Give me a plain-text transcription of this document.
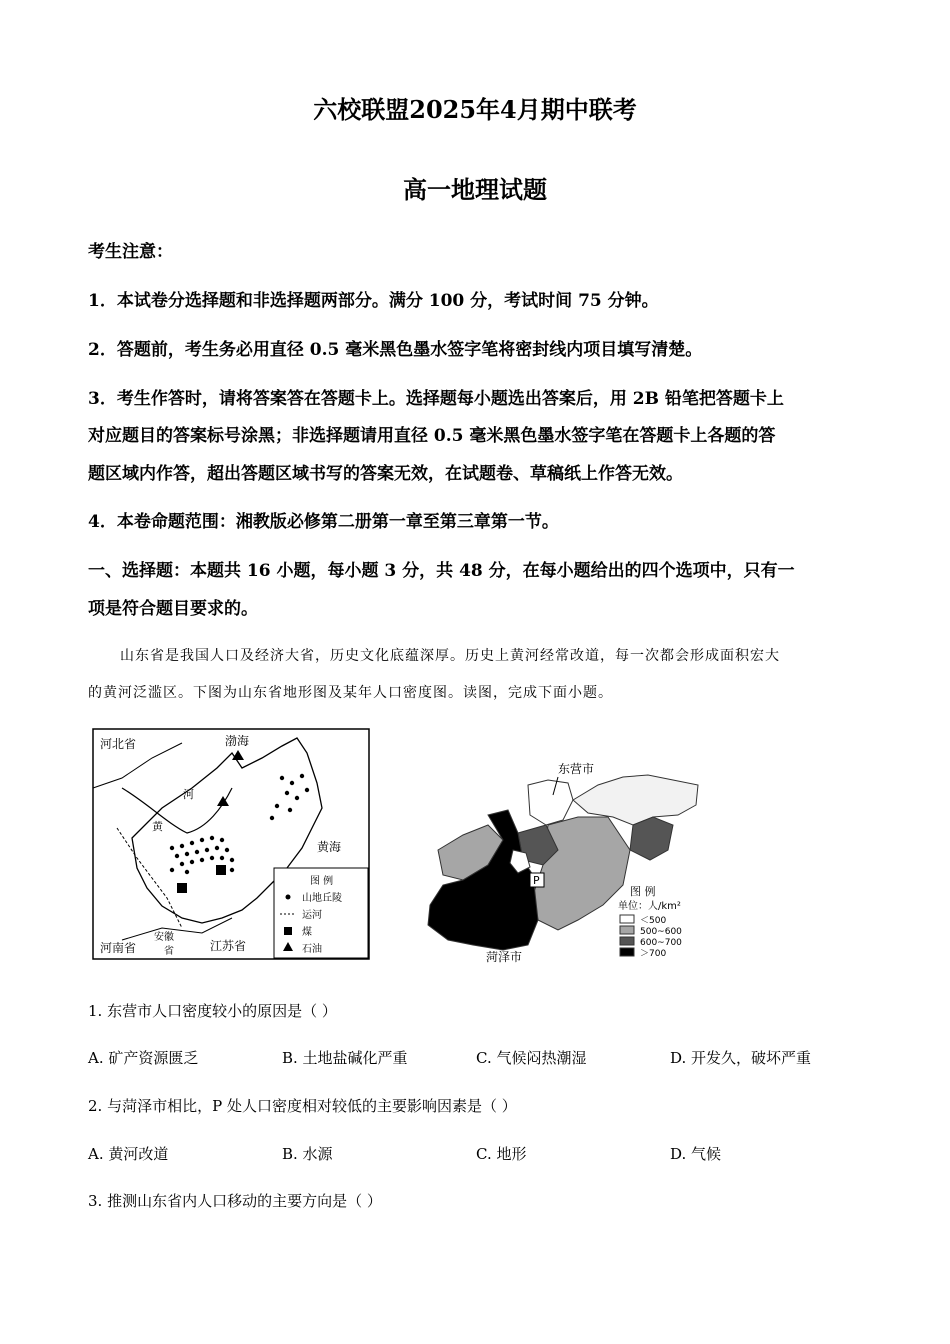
六校联盟2025年4月期中联考
高一地理试题
考生注意：
1．本试卷分选择题和非选择题两部分。满分 100 分，考试时间 75 分钟。
2．答题前，考生务必用直径 0.5 毫米黑色墨水签字笔将密封线内项目填写清楚。
3．考生作答时，请将答案答在答题卡上。选择题每小题选出答案后，用 2B 铅笔把答题卡上
对应题目的答案标号涂黑；非选择题请用直径 0.5 毫米黑色墨水签字笔在答题卡上各题的答
题区域内作答，超出答题区域书写的答案无效，在试题卷、草稿纸上作答无效。
4．本卷命题范围：湘教版必修第二册第一章至第三章第一节。
一、选择题：本题共 16 小题，每小题 3 分，共 48 分，在每小题给出的四个选项中，只有一
项是符合题目要求的。
山东省是我国人口及经济大省，历史文化底蕴深厚。历史上黄河经常改道，每一次都会形成面积宏大
的黄河泛滥区。下图为山东省地形图及某年人口密度图。读图，完成下面小题。
河北省	渤海
河
黄
黄海
河南省
安徽
省	江苏省
图 例
山地丘陵
运河
煤
石油
P
东营市
菏泽市
图 例
单位：人/km²
＜500
500~600
600~700
＞700
1. 东营市人口密度较小的原因是（ ）
A. 矿产资源匮乏	B. 土地盐碱化严重	C. 气候闷热潮湿	D. 开发久，破坏严重
2. 与菏泽市相比，P 处人口密度相对较低的主要影响因素是（ ）
A. 黄河改道	B. 水源	C. 地形	D. 气候
3. 推测山东省内人口移动的主要方向是（ ）
